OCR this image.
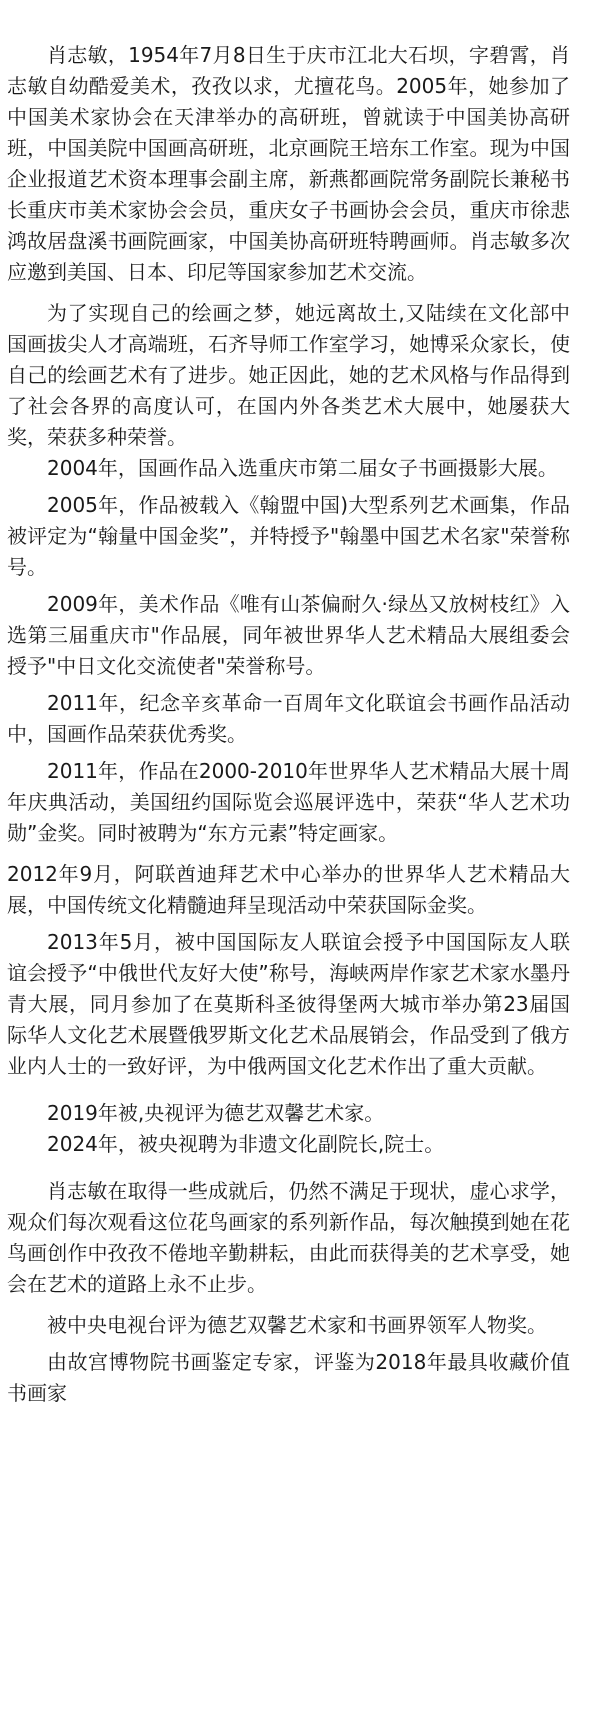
肖志敏，1954年7月8日生于庆市江北大石坝，字碧霄，肖志敏自幼酷爱美术，孜孜以求，尤擅花鸟。2005年，她参加了中国美术家协会在天津举办的高研班，曾就读于中国美协高研班，中国美院中国画高研班，北京画院王培东工作室。现为中国企业报道艺术资本理事会副主席，新燕都画院常务副院长兼秘书长重庆市美术家协会会员，重庆女子书画协会会员，重庆市徐悲鸿故居盘溪书画院画家，中国美协高研班特聘画师。肖志敏多次应邀到美国、日本、印尼等国家参加艺术交流。

为了实现自己的绘画之梦，她远离故土,又陆续在文化部中国画拔尖人才高端班，石齐导师工作室学习，她博采众家长，使自己的绘画艺术有了进步。她正因此，她的艺术风格与作品得到了社会各界的高度认可，在国内外各类艺术大展中，她屡获大奖，荣获多种荣誉。

2004年，国画作品入选重庆市第二届女子书画摄影大展。

2005年，作品被载入《翰盟中国)大型系列艺术画集，作品被评定为“翰量中国金奖”，并特授予"翰墨中国艺术名家"荣誉称号。

2009年，美术作品《唯有山茶偏耐久·绿丛又放树枝红》入选第三届重庆市"作品展，同年被世界华人艺术精品大展组委会授予"中日文化交流使者"荣誉称号。

2011年，纪念辛亥革命一百周年文化联谊会书画作品活动中，国画作品荣获优秀奖。

2011年，作品在2000-2010年世界华人艺术精品大展十周年庆典活动，美国纽约国际览会巡展评选中，荣获“华人艺术功勋”金奖。同时被聘为“东方元素”特定画家。

2012年9月，阿联酋迪拜艺术中心举办的世界华人艺术精品大展，中国传统文化精髓迪拜呈现活动中荣获国际金奖。

2013年5月，被中国国际友人联谊会授予中国国际友人联谊会授予“中俄世代友好大使”称号，海峡两岸作家艺术家水墨丹青大展，同月参加了在莫斯科圣彼得堡两大城市举办第23届国际华人文化艺术展暨俄罗斯文化艺术品展销会，作品受到了俄方业内人士的一致好评，为中俄两国文化艺术作出了重大贡献。

2019年被,央视评为德艺双馨艺术家。

2024年，被央视聘为非遗文化副院长,院士。

肖志敏在取得一些成就后，仍然不满足于现状，虚心求学，观众们每次观看这位花鸟画家的系列新作品，每次触摸到她在花鸟画创作中孜孜不倦地辛勤耕耘，由此而获得美的艺术享受，她会在艺术的道路上永不止步。

被中央电视台评为德艺双馨艺术家和书画界领军人物奖。

由故宫博物院书画鉴定专家，评鉴为2018年最具收藏价值书画家
